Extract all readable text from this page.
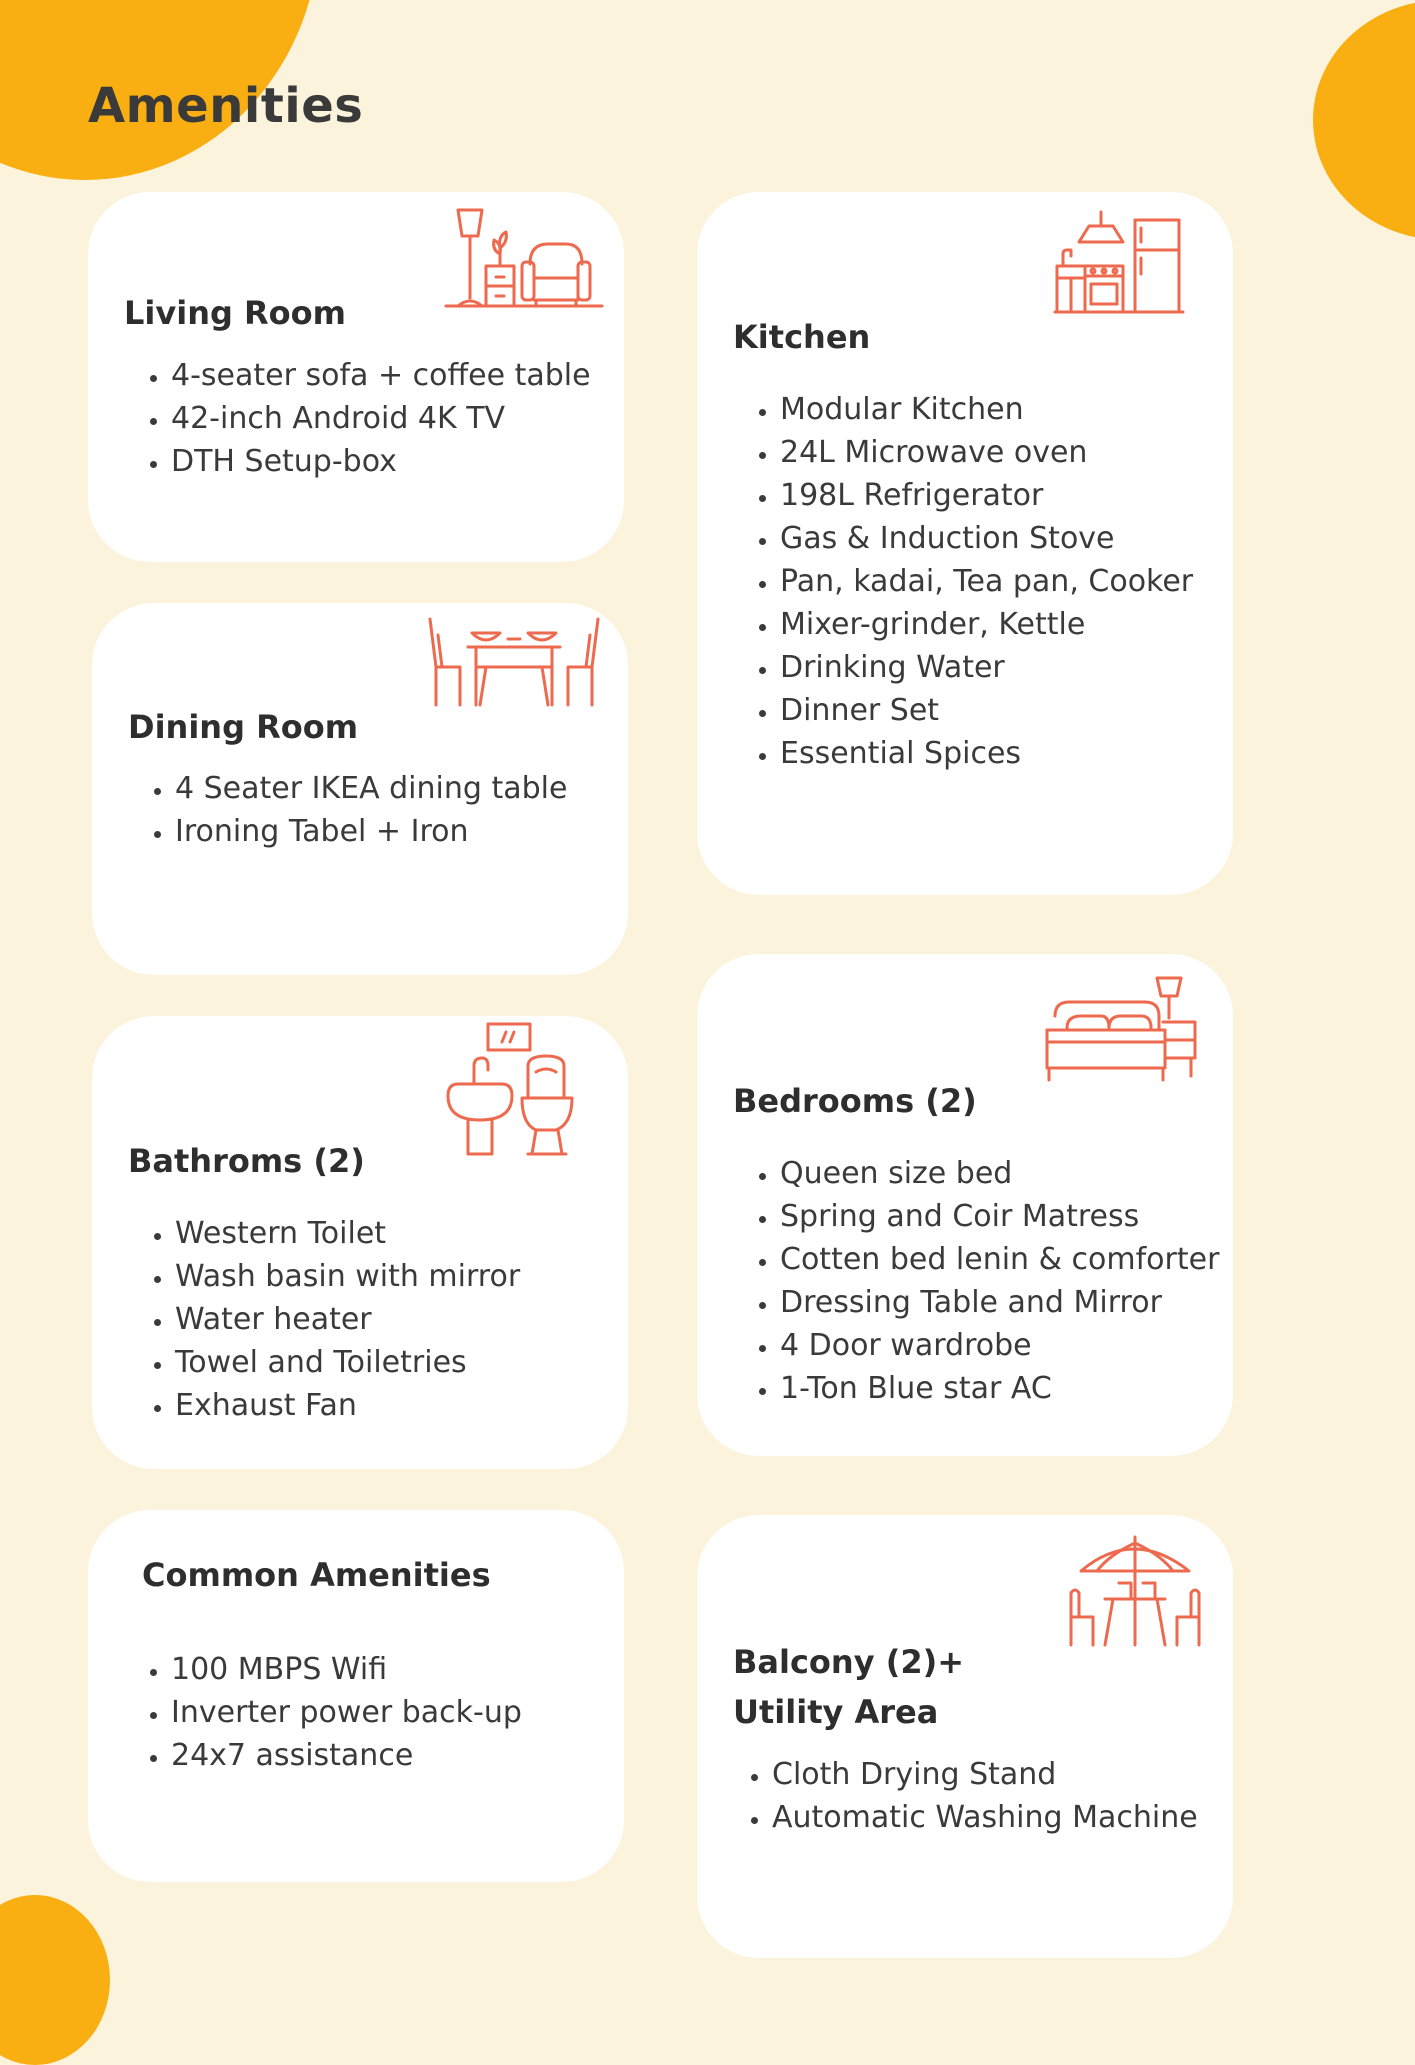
Amenities
Living Room
• 4-seater sofa + coffee table
• 42-inch Android 4K TV
• DTH Setup-box
Kitchen
• Modular Kitchen
• 24L Microwave oven
• 198L Refrigerator
• Gas & Induction Stove
• Pan, kadai, Tea pan, Cooker
• Mixer-grinder, Kettle
• Drinking Water
• Dinner Set
• Essential Spices
Dining Room
• 4 Seater IKEA dining table
• Ironing Tabel + Iron
Bathroms (2)
• Western Toilet
• Wash basin with mirror
• Water heater
• Towel and Toiletries
• Exhaust Fan
Bedrooms (2)
• Queen size bed
• Spring and Coir Matress
• Cotten bed lenin & comforter
• Dressing Table and Mirror
• 4 Door wardrobe
• 1-Ton Blue star AC
Common Amenities
• 100 MBPS Wifi
• Inverter power back-up
• 24x7 assistance
Balcony (2)+
Utility Area
• Cloth Drying Stand
• Automatic Washing Machine
